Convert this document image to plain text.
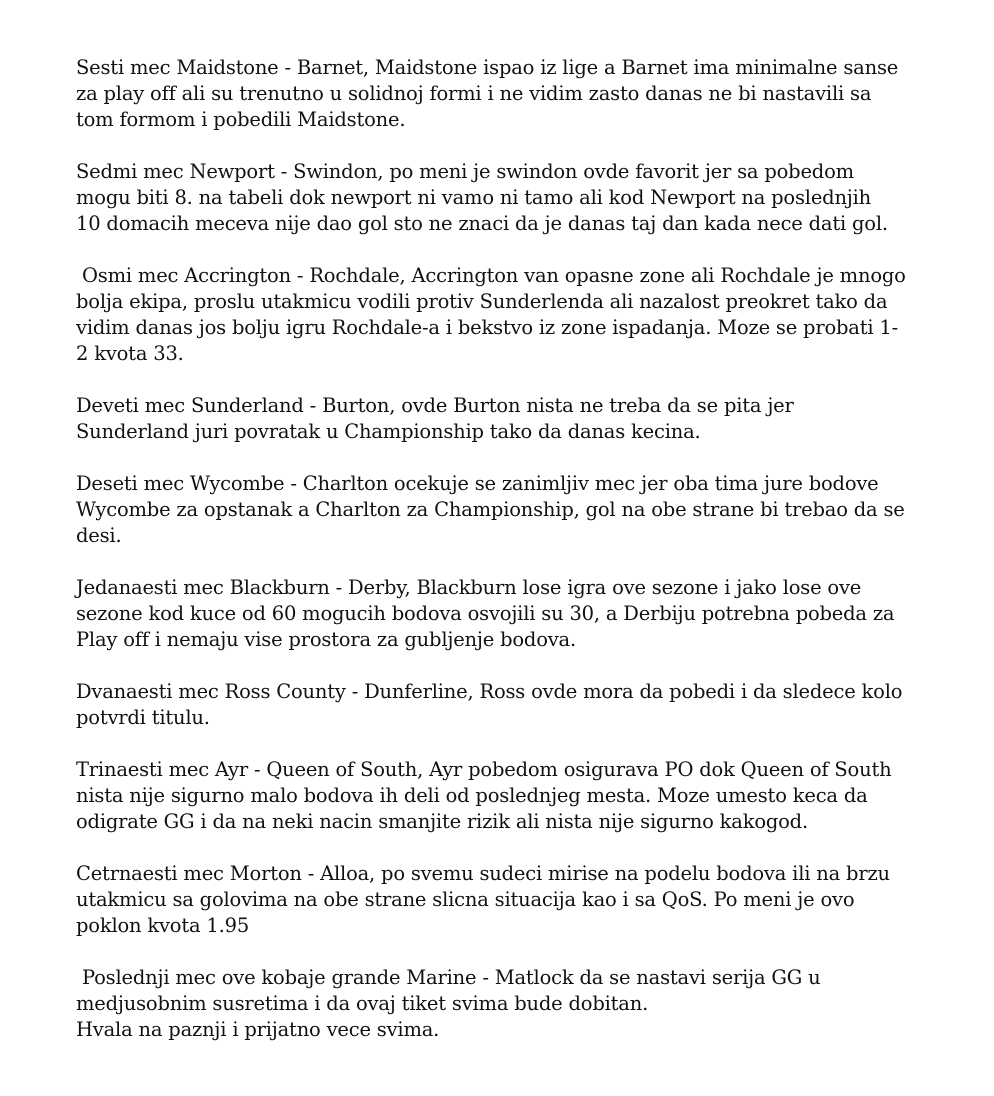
Sesti mec Maidstone - Barnet, Maidstone ispao iz lige a Barnet ima minimalne sanse
za play off ali su trenutno u solidnoj formi i ne vidim zasto danas ne bi nastavili sa
tom formom i pobedili Maidstone.

Sedmi mec Newport - Swindon, po meni je swindon ovde favorit jer sa pobedom
mogu biti 8. na tabeli dok newport ni vamo ni tamo ali kod Newport na poslednjih
10 domacih meceva nije dao gol sto ne znaci da je danas taj dan kada nece dati gol.

Osmi mec Accrington - Rochdale, Accrington van opasne zone ali Rochdale je mnogo
bolja ekipa, proslu utakmicu vodili protiv Sunderlenda ali nazalost preokret tako da
vidim danas jos bolju igru Rochdale-a i bekstvo iz zone ispadanja. Moze se probati 1-
2 kvota 33.

Deveti mec Sunderland - Burton, ovde Burton nista ne treba da se pita jer
Sunderland juri povratak u Championship tako da danas kecina.

Deseti mec Wycombe - Charlton ocekuje se zanimljiv mec jer oba tima jure bodove
Wycombe za opstanak a Charlton za Championship, gol na obe strane bi trebao da se
desi.

Jedanaesti mec Blackburn - Derby, Blackburn lose igra ove sezone i jako lose ove
sezone kod kuce od 60 mogucih bodova osvojili su 30, a Derbiju potrebna pobeda za
Play off i nemaju vise prostora za gubljenje bodova.

Dvanaesti mec Ross County - Dunferline, Ross ovde mora da pobedi i da sledece kolo
potvrdi titulu.

Trinaesti mec Ayr - Queen of South, Ayr pobedom osigurava PO dok Queen of South
nista nije sigurno malo bodova ih deli od poslednjeg mesta. Moze umesto keca da
odigrate GG i da na neki nacin smanjite rizik ali nista nije sigurno kakogod.

Cetrnaesti mec Morton - Alloa, po svemu sudeci mirise na podelu bodova ili na brzu
utakmicu sa golovima na obe strane slicna situacija kao i sa QoS. Po meni je ovo
poklon kvota 1.95

Poslednji mec ove kobaje grande Marine - Matlock da se nastavi serija GG u
medjusobnim susretima i da ovaj tiket svima bude dobitan.
Hvala na paznji i prijatno vece svima.
